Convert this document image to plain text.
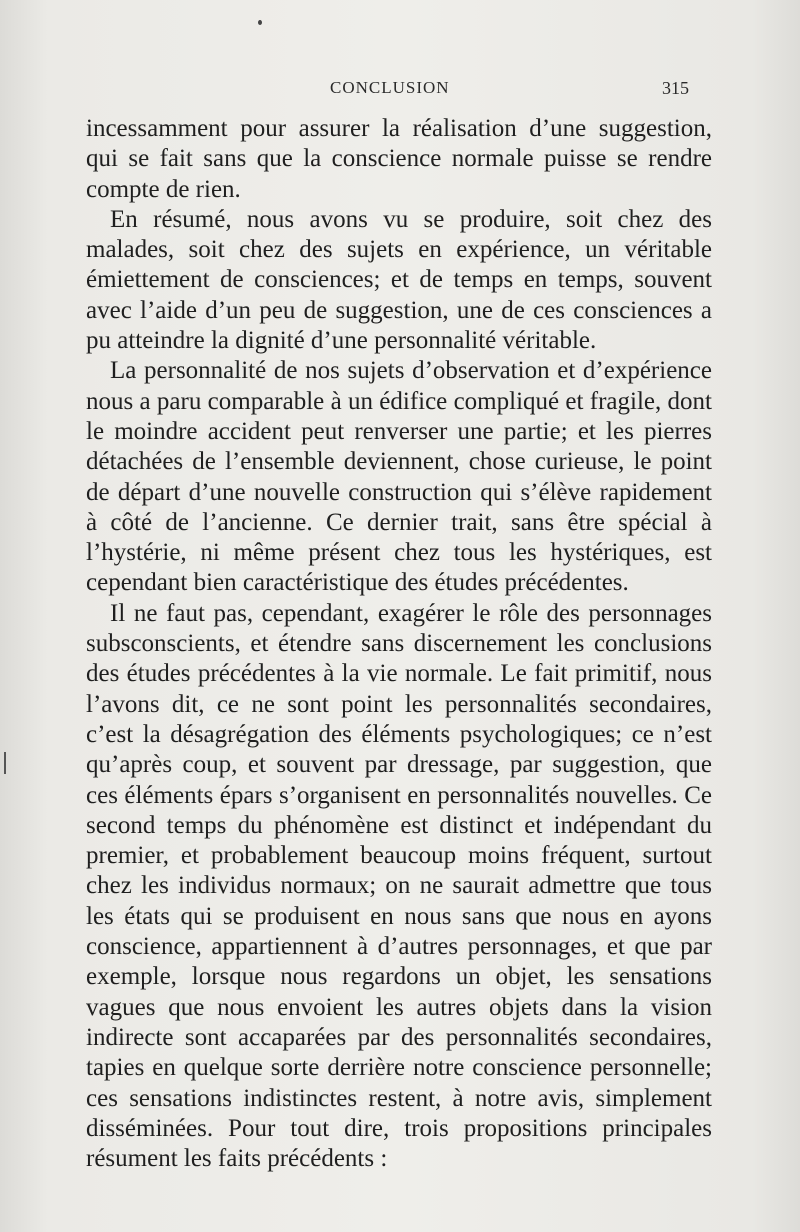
CONCLUSION	315

incessamment pour assurer la réalisation d’une suggestion, qui se fait sans que la conscience normale puisse se rendre compte de rien.

En résumé, nous avons vu se produire, soit chez des malades, soit chez des sujets en expérience, un véritable émiettement de consciences; et de temps en temps, souvent avec l’aide d’un peu de suggestion, une de ces consciences a pu atteindre la dignité d’une personnalité véritable.

La personnalité de nos sujets d’observation et d’expérience nous a paru comparable à un édifice compliqué et fragile, dont le moindre accident peut renverser une partie; et les pierres détachées de l’ensemble deviennent, chose curieuse, le point de départ d’une nouvelle construction qui s’élève rapidement à côté de l’ancienne. Ce dernier trait, sans être spécial à l’hystérie, ni même présent chez tous les hystériques, est cependant bien caractéristique des études précédentes.

Il ne faut pas, cependant, exagérer le rôle des personnages subsconscients, et étendre sans discernement les conclusions des études précédentes à la vie normale. Le fait primitif, nous l’avons dit, ce ne sont point les personnalités secondaires, c’est la désagrégation des éléments psychologiques; ce n’est qu’après coup, et souvent par dressage, par suggestion, que ces éléments épars s’organisent en personnalités nouvelles. Ce second temps du phénomène est distinct et indépendant du premier, et probablement beaucoup moins fréquent, surtout chez les individus normaux; on ne saurait admettre que tous les états qui se produisent en nous sans que nous en ayons conscience, appartiennent à d’autres personnages, et que par exemple, lorsque nous regardons un objet, les sensations vagues que nous envoient les autres objets dans la vision indirecte sont accaparées par des personnalités secondaires, tapies en quelque sorte derrière notre conscience personnelle; ces sensations indistinctes restent, à notre avis, simplement disséminées. Pour tout dire, trois propositions principales résument les faits précédents :
